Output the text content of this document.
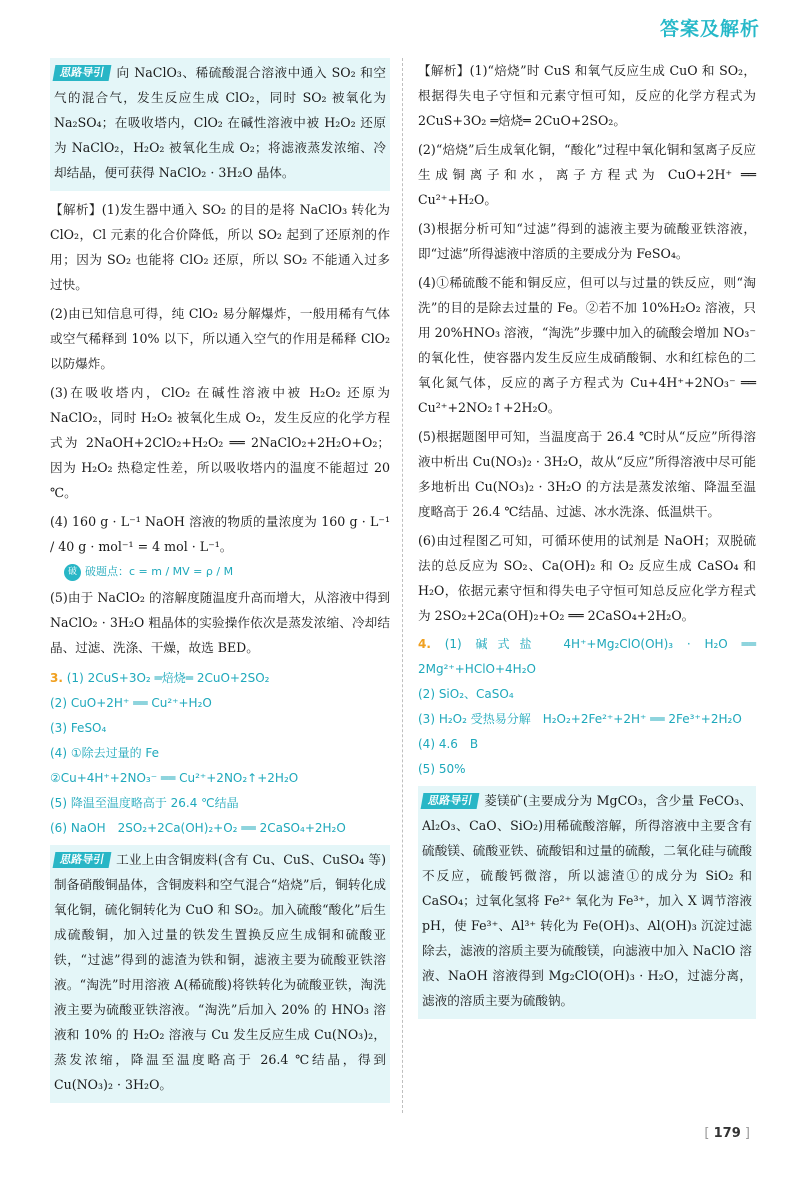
答案及解析

思路导引 向 NaClO₃、稀硫酸混合溶液中通入 SO₂ 和空气的混合气，发生反应生成 ClO₂，同时 SO₂ 被氧化为 Na₂SO₄；在吸收塔内，ClO₂ 在碱性溶液中被 H₂O₂ 还原为 NaClO₂，H₂O₂ 被氧化生成 O₂；将滤液蒸发浓缩、冷却结晶，便可获得 NaClO₂ · 3H₂O 晶体。

【解析】(1)发生器中通入 SO₂ 的目的是将 NaClO₃ 转化为 ClO₂，Cl 元素的化合价降低，所以 SO₂ 起到了还原剂的作用；因为 SO₂ 也能将 ClO₂ 还原，所以 SO₂ 不能通入过多过快。

(2)由已知信息可得，纯 ClO₂ 易分解爆炸，一般用稀有气体或空气稀释到 10% 以下，所以通入空气的作用是稀释 ClO₂ 以防爆炸。

(3)在吸收塔内，ClO₂ 在碱性溶液中被 H₂O₂ 还原为 NaClO₂，同时 H₂O₂ 被氧化生成 O₂，发生反应的化学方程式为 2NaOH+2ClO₂+H₂O₂ ══ 2NaClO₂+2H₂O+O₂；因为 H₂O₂ 热稳定性差，所以吸收塔内的温度不能超过 20 ℃。

(4) 160 g · L⁻¹ NaOH 溶液的物质的量浓度为 160 g · L⁻¹ / 40 g · mol⁻¹ = 4 mol · L⁻¹。

破 破题点：c = m / MV = ρ / M

(5)由于 NaClO₂ 的溶解度随温度升高而增大，从溶液中得到 NaClO₂ · 3H₂O 粗晶体的实验操作依次是蒸发浓缩、冷却结晶、过滤、洗涤、干燥，故选 BED。

3. (1) 2CuS+3O₂ ═焙烧═ 2CuO+2SO₂

(2) CuO+2H⁺ ══ Cu²⁺+H₂O

(3) FeSO₄

(4) ①除去过量的 Fe

②Cu+4H⁺+2NO₃⁻ ══ Cu²⁺+2NO₂↑+2H₂O

(5) 降温至温度略高于 26.4 ℃结晶

(6) NaOH　2SO₂+2Ca(OH)₂+O₂ ══ 2CaSO₄+2H₂O

思路导引 工业上由含铜废料(含有 Cu、CuS、CuSO₄ 等)制备硝酸铜晶体，含铜废料和空气混合“焙烧”后，铜转化成氧化铜，硫化铜转化为 CuO 和 SO₂。加入硫酸“酸化”后生成硫酸铜，加入过量的铁发生置换反应生成铜和硫酸亚铁，“过滤”得到的滤渣为铁和铜，滤液主要为硫酸亚铁溶液。“淘洗”时用溶液 A(稀硫酸)将铁转化为硫酸亚铁，淘洗液主要为硫酸亚铁溶液。“淘洗”后加入 20% 的 HNO₃ 溶液和 10% 的 H₂O₂ 溶液与 Cu 发生反应生成 Cu(NO₃)₂，蒸发浓缩，降温至温度略高于 26.4 ℃结晶，得到 Cu(NO₃)₂ · 3H₂O。

【解析】(1)“焙烧”时 CuS 和氧气反应生成 CuO 和 SO₂，根据得失电子守恒和元素守恒可知，反应的化学方程式为 2CuS+3O₂ ═焙烧═ 2CuO+2SO₂。

(2)“焙烧”后生成氧化铜，“酸化”过程中氧化铜和氢离子反应生成铜离子和水，离子方程式为 CuO+2H⁺ ══ Cu²⁺+H₂O。

(3)根据分析可知“过滤”得到的滤液主要为硫酸亚铁溶液，即“过滤”所得滤液中溶质的主要成分为 FeSO₄。

(4)①稀硫酸不能和铜反应，但可以与过量的铁反应，则“淘洗”的目的是除去过量的 Fe。②若不加 10%H₂O₂ 溶液，只用 20%HNO₃ 溶液，“淘洗”步骤中加入的硫酸会增加 NO₃⁻ 的氧化性，使容器内发生反应生成硝酸铜、水和红棕色的二氧化氮气体，反应的离子方程式为 Cu+4H⁺+2NO₃⁻ ══ Cu²⁺+2NO₂↑+2H₂O。

(5)根据题图甲可知，当温度高于 26.4 ℃时从“反应”所得溶液中析出 Cu(NO₃)₂ · 3H₂O，故从“反应”所得溶液中尽可能多地析出 Cu(NO₃)₂ · 3H₂O 的方法是蒸发浓缩、降温至温度略高于 26.4 ℃结晶、过滤、冰水洗涤、低温烘干。

(6)由过程图乙可知，可循环使用的试剂是 NaOH；双脱硫法的总反应为 SO₂、Ca(OH)₂ 和 O₂ 反应生成 CaSO₄ 和 H₂O，依据元素守恒和得失电子守恒可知总反应化学方程式为 2SO₂+2Ca(OH)₂+O₂ ══ 2CaSO₄+2H₂O。

4. (1) 碱式盐　4H⁺+Mg₂ClO(OH)₃ · H₂O ══ 2Mg²⁺+HClO+4H₂O

(2) SiO₂、CaSO₄

(3) H₂O₂ 受热易分解　H₂O₂+2Fe²⁺+2H⁺ ══ 2Fe³⁺+2H₂O

(4) 4.6　B

(5) 50%

思路导引 菱镁矿(主要成分为 MgCO₃，含少量 FeCO₃、Al₂O₃、CaO、SiO₂)用稀硫酸溶解，所得溶液中主要含有硫酸镁、硫酸亚铁、硫酸铝和过量的硫酸，二氧化硅与硫酸不反应，硫酸钙微溶，所以滤渣①的成分为 SiO₂ 和 CaSO₄；过氧化氢将 Fe²⁺ 氧化为 Fe³⁺，加入 X 调节溶液 pH，使 Fe³⁺、Al³⁺ 转化为 Fe(OH)₃、Al(OH)₃ 沉淀过滤除去，滤液的溶质主要为硫酸镁，向滤液中加入 NaClO 溶液、NaOH 溶液得到 Mg₂ClO(OH)₃ · H₂O，过滤分离，滤液的溶质主要为硫酸钠。

[ 179 ]
